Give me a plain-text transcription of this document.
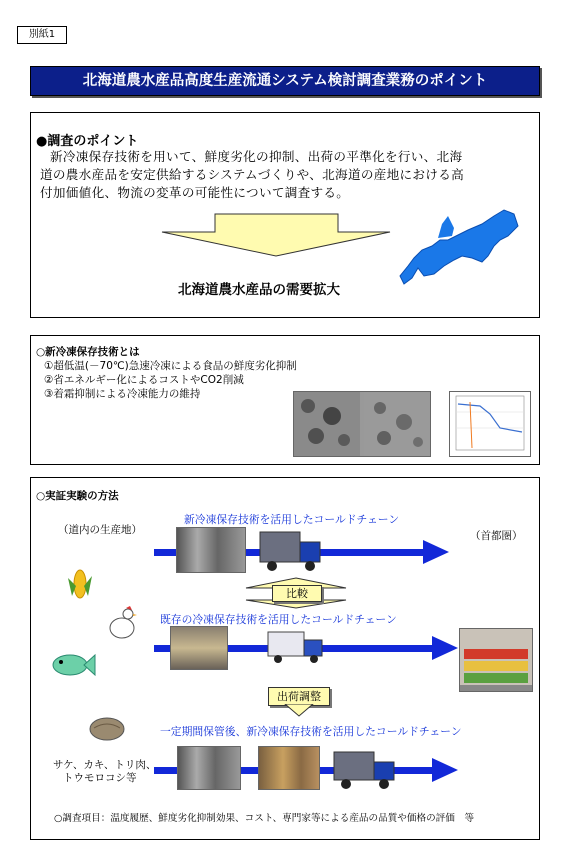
別紙1
北海道農水産品高度生産流通システム検討調査業務のポイント
●調査のポイント
新冷凍保存技術を用いて、鮮度劣化の抑制、出荷の平準化を行い、北海
道の農水産品を安定供給するシステムづくりや、北海道の産地における高
付加価値化、物流の変革の可能性について調査する。
北海道農水産品の需要拡大
○新冷凍保存技術とは
①超低温(－70℃)急速冷凍による食品の鮮度劣化抑制
②省エネルギー化によるコストやCO2削減
③着霜抑制による冷凍能力の維持
○実証実験の方法
（道内の生産地）	（首都圏）
新冷凍保存技術を活用したコールドチェーン
比較
既存の冷凍保存技術を活用したコールドチェーン
出荷調整
一定期間保管後、新冷凍保存技術を活用したコールドチェーン
サケ、カキ、トリ肉、
トウモロコシ等
○調査項目：温度履歴、鮮度劣化抑制効果、コスト、専門家等による産品の品質や価格の評価　等
